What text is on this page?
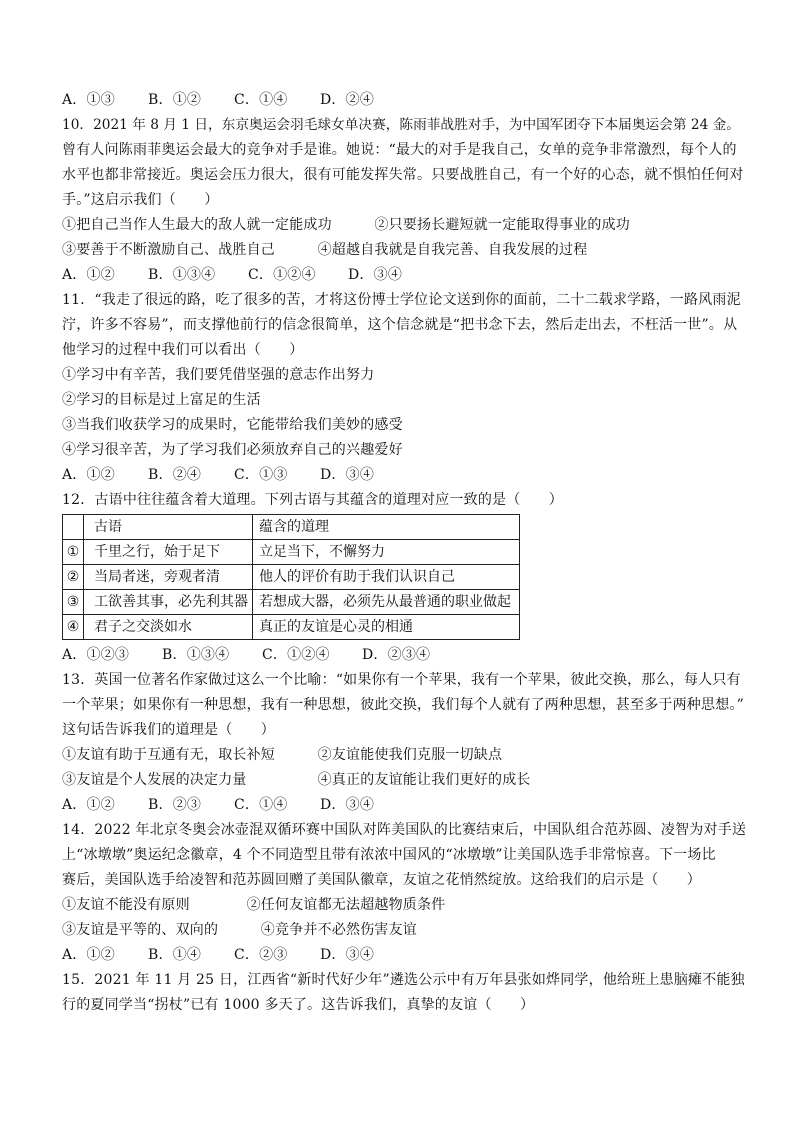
A．①③	B．①②	C．①④	D．②④
10．2021 年 8 月 1 日，东京奥运会羽毛球女单决赛，陈雨菲战胜对手，为中国军团夺下本届奥运会第 24 金。
曾有人问陈雨菲奥运会最大的竞争对手是谁。她说：“最大的对手是我自己，女单的竞争非常激烈，每个人的
水平也都非常接近。奥运会压力很大，很有可能发挥失常。只要战胜自己，有一个好的心态，就不惧怕任何对
手。”这启示我们（　　）
①把自己当作人生最大的敌人就一定能成功　　　②只要扬长避短就一定能取得事业的成功
③要善于不断激励自己、战胜自己　　　④超越自我就是自我完善、自我发展的过程
A．①②	B．①③④	C．①②④	D．③④
11．“我走了很远的路，吃了很多的苦，才将这份博士学位论文送到你的面前，二十二载求学路，一路风雨泥
泞，许多不容易”，而支撑他前行的信念很简单，这个信念就是“把书念下去，然后走出去，不枉活一世”。从
他学习的过程中我们可以看出（　　）
①学习中有辛苦，我们要凭借坚强的意志作出努力
②学习的目标是过上富足的生活
③当我们收获学习的成果时，它能带给我们美妙的感受
④学习很辛苦，为了学习我们必须放弃自己的兴趣爱好
A．①②	B．②④	C．①③	D．③④
12．古语中往往蕴含着大道理。下列古语与其蕴含的道理对应一致的是（　　）
	古语	蕴含的道理
①	千里之行，始于足下	立足当下，不懈努力
②	当局者迷，旁观者清	他人的评价有助于我们认识自己
③	工欲善其事，必先利其器	若想成大器，必须先从最普通的职业做起
④	君子之交淡如水	真正的友谊是心灵的相通
A．①②③	B．①③④	C．①②④	D．②③④
13．英国一位著名作家做过这么一个比喻：“如果你有一个苹果，我有一个苹果，彼此交换，那么，每人只有
一个苹果；如果你有一种思想，我有一种思想，彼此交换，我们每个人就有了两种思想，甚至多于两种思想。”
这句话告诉我们的道理是（　　）
①友谊有助于互通有无，取长补短　　　②友谊能使我们克服一切缺点
③友谊是个人发展的决定力量　　　　　④真正的友谊能让我们更好的成长
A．①②	B．②③	C．①④	D．③④
14．2022 年北京冬奥会冰壶混双循环赛中国队对阵美国队的比赛结束后，中国队组合范苏圆、凌智为对手送
上“冰墩墩”奥运纪念徽章，4 个不同造型且带有浓浓中国风的“冰墩墩”让美国队选手非常惊喜。下一场比
赛后，美国队选手给凌智和范苏圆回赠了美国队徽章，友谊之花悄然绽放。这给我们的启示是（　　）
①友谊不能没有原则　　　　②任何友谊都无法超越物质条件
③友谊是平等的、双向的　　　④竞争并不必然伤害友谊
A．①②	B．①④	C．②③	D．③④
15．2021 年 11 月 25 日，江西省“新时代好少年”遴选公示中有万年县张如烨同学，他给班上患脑瘫不能独
行的夏同学当“拐杖”已有 1000 多天了。这告诉我们，真挚的友谊（　　）
